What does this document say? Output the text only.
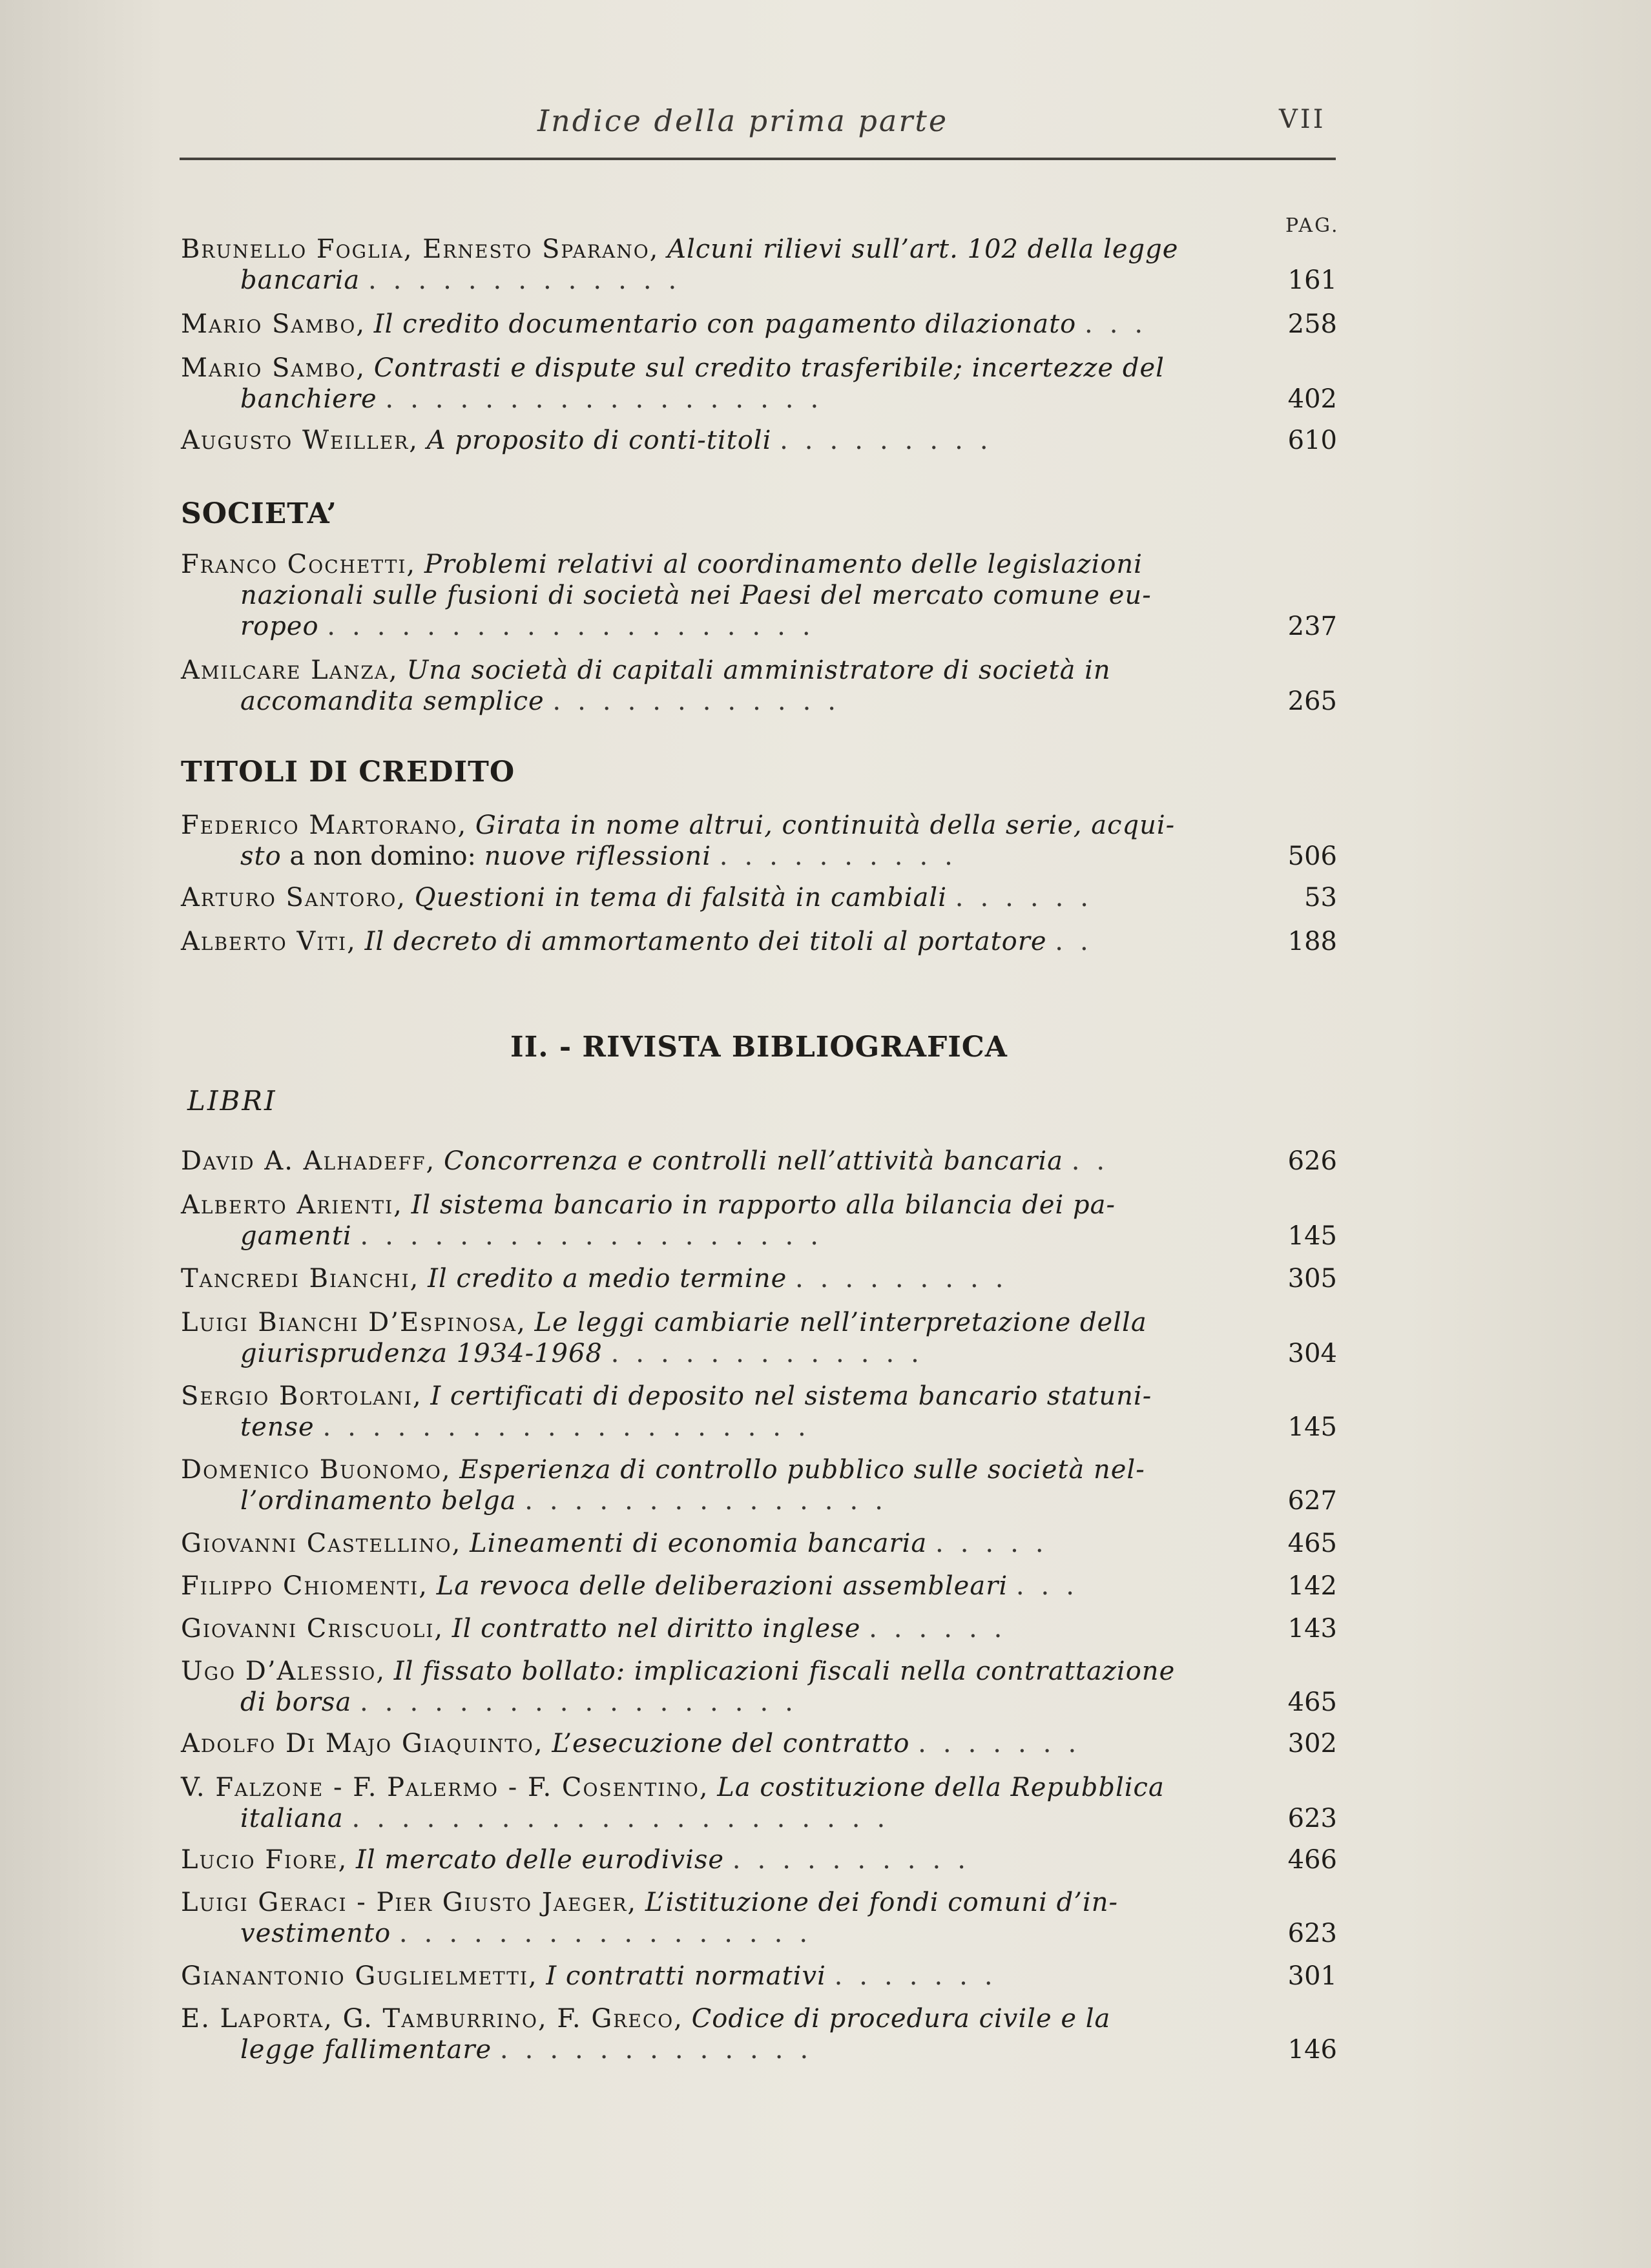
Indice della prima parte	VII
PAG.
Brunello Foglia, Ernesto Sparano, Alcuni rilievi sull’art. 102 della legge
bancaria .............	161
Mario Sambo, Il credito documentario con pagamento dilazionato ...	258
Mario Sambo, Contrasti e dispute sul credito trasferibile; incertezze del
banchiere ..................	402
Augusto Weiller, A proposito di conti-titoli .........	610
SOCIETA’
Franco Cochetti, Problemi relativi al coordinamento delle legislazioni
nazionali sulle fusioni di società nei Paesi del mercato comune eu-
ropeo ....................	237
Amilcare Lanza, Una società di capitali amministratore di società in
accomandita semplice ............	265
TITOLI DI CREDITO
Federico Martorano, Girata in nome altrui, continuità della serie, acqui-
sto a non domino: nuove riflessioni ..........	506
Arturo Santoro, Questioni in tema di falsità in cambiali ......	53
Alberto Viti, Il decreto di ammortamento dei titoli al portatore ..	188
II. - RIVISTA BIBLIOGRAFICA
LIBRI
David A. Alhadeff, Concorrenza e controlli nell’attività bancaria ..	626
Alberto Arienti, Il sistema bancario in rapporto alla bilancia dei pa-
gamenti ...................	145
Tancredi Bianchi, Il credito a medio termine .........	305
Luigi Bianchi D’Espinosa, Le leggi cambiarie nell’interpretazione della
giurisprudenza 1934-1968 .............	304
Sergio Bortolani, I certificati di deposito nel sistema bancario statuni-
tense ....................	145
Domenico Buonomo, Esperienza di controllo pubblico sulle società nel-
l’ordinamento belga ...............	627
Giovanni Castellino, Lineamenti di economia bancaria .....	465
Filippo Chiomenti, La revoca delle deliberazioni assembleari ...	142
Giovanni Criscuoli, Il contratto nel diritto inglese ......	143
Ugo D’Alessio, Il fissato bollato: implicazioni fiscali nella contrattazione
di borsa ..................	465
Adolfo Di Majo Giaquinto, L’esecuzione del contratto .......	302
V. Falzone - F. Palermo - F. Cosentino, La costituzione della Repubblica
italiana ......................	623
Lucio Fiore, Il mercato delle eurodivise ..........	466
Luigi Geraci - Pier Giusto Jaeger, L’istituzione dei fondi comuni d’in-
vestimento .................	623
Gianantonio Guglielmetti, I contratti normativi .......	301
E. Laporta, G. Tamburrino, F. Greco, Codice di procedura civile e la
legge fallimentare .............	146
